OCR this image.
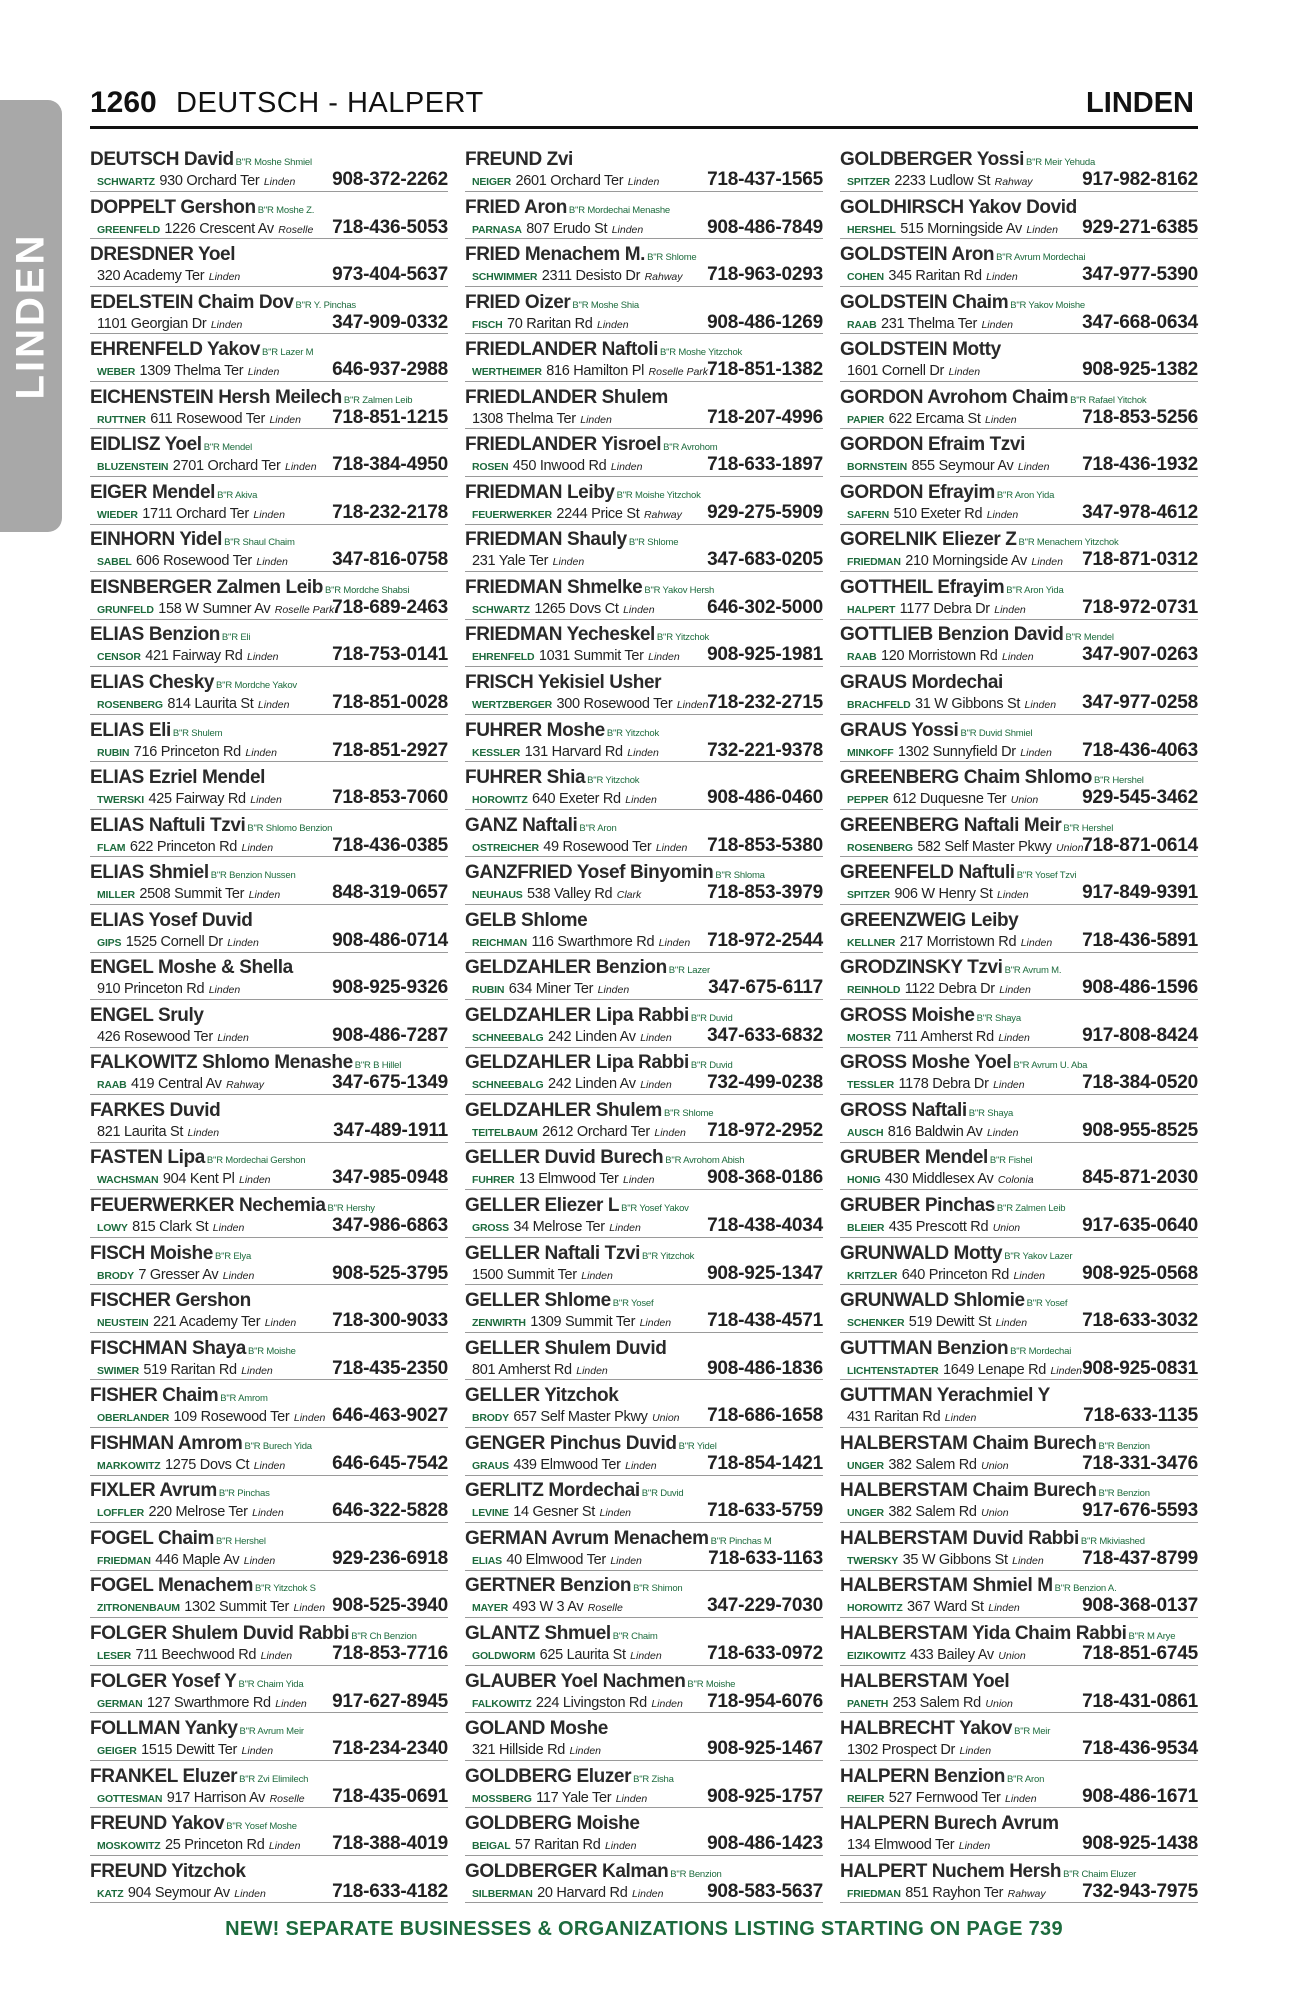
LINDEN
1260 DEUTSCH - HALPERT	LINDEN
DEUTSCH David B"R Moshe Shmiel
SCHWARTZ 930 Orchard Ter Linden	908-372-2262
DOPPELT Gershon B"R Moshe Z.
GREENFELD 1226 Crescent Av Roselle 718-436-5053
DRESDNER Yoel
320 Academy Ter Linden	973-404-5637
EDELSTEIN Chaim Dov B"R Y. Pinchas
1101 Georgian Dr Linden	347-909-0332
EHRENFELD Yakov B"R Lazer M
WEBER 1309 Thelma Ter Linden	646-937-2988
EICHENSTEIN Hersh Meilech B"R Zalmen Leib
RUTTNER 611 Rosewood Ter Linden	718-851-1215
EIDLISZ Yoel B"R Mendel
BLUZENSTEIN 2701 Orchard Ter Linden 718-384-4950
EIGER Mendel B"R Akiva
WIEDER 1711 Orchard Ter Linden	718-232-2178
EINHORN Yidel B"R Shaul Chaim
SABEL 606 Rosewood Ter Linden	347-816-0758
EISNBERGER Zalmen Leib B"R Mordche Shabsi
GRUNFELD 158 W Sumner Av Roselle Park
718-689-2463
ELIAS Benzion B"R Eli
CENSOR 421 Fairway Rd Linden	718-753-0141
ELIAS Chesky B"R Mordche Yakov
ROSENBERG 814 Laurita St Linden	718-851-0028
ELIAS Eli B"R Shulem
RUBIN 716 Princeton Rd Linden	718-851-2927
ELIAS Ezriel Mendel
TWERSKI 425 Fairway Rd Linden	718-853-7060
ELIAS Naftuli Tzvi B"R Shlomo Benzion
FLAM 622 Princeton Rd Linden	718-436-0385
ELIAS Shmiel B"R Benzion Nussen
MILLER 2508 Summit Ter Linden	848-319-0657
ELIAS Yosef Duvid
GIPS 1525 Cornell Dr Linden	908-486-0714
ENGEL Moshe & Shella
910 Princeton Rd Linden	908-925-9326
ENGEL Sruly
426 Rosewood Ter Linden	908-486-7287
FALKOWITZ Shlomo Menashe B"R B Hillel
RAAB 419 Central Av Rahway	347-675-1349
FARKES Duvid
821 Laurita St Linden	347-489-1911
FASTEN Lipa B"R Mordechai Gershon
WACHSMAN 904 Kent Pl Linden	347-985-0948
FEUERWERKER Nechemia B"R Hershy
LOWY 815 Clark St Linden	347-986-6863
FISCH Moishe B"R Elya
BRODY 7 Gresser Av Linden	908-525-3795
FISCHER Gershon
NEUSTEIN 221 Academy Ter Linden	718-300-9033
FISCHMAN Shaya B"R Moishe
SWIMER 519 Raritan Rd Linden	718-435-2350
FISHER Chaim B"R Amrom
OBERLANDER 109 Rosewood Ter Linden 646-463-9027
FISHMAN Amrom B"R Burech Yida
MARKOWITZ 1275 Dovs Ct Linden	646-645-7542
FIXLER Avrum B"R Pinchas
LOFFLER 220 Melrose Ter Linden	646-322-5828
FOGEL Chaim B"R Hershel
FRIEDMAN 446 Maple Av Linden	929-236-6918
FOGEL Menachem B"R Yitzchok S
ZITRONENBAUM 1302 Summit Ter Linden 908-525-3940
FOLGER Shulem Duvid Rabbi B"R Ch Benzion
LESER 711 Beechwood Rd Linden	718-853-7716
FOLGER Yosef Y B"R Chaim Yida
GERMAN 127 Swarthmore Rd Linden	917-627-8945
FOLLMAN Yanky B"R Avrum Meir
GEIGER 1515 Dewitt Ter Linden	718-234-2340
FRANKEL Eluzer B"R Zvi Elimilech
GOTTESMAN 917 Harrison Av Roselle	718-435-0691
FREUND Yakov B"R Yosef Moshe
MOSKOWITZ 25 Princeton Rd Linden	718-388-4019
FREUND Yitzchok
KATZ 904 Seymour Av Linden	718-633-4182
FREUND Zvi
NEIGER 2601 Orchard Ter Linden	718-437-1565
FRIED Aron B"R Mordechai Menashe
PARNASA 807 Erudo St Linden	908-486-7849
FRIED Menachem M. B"R Shlome
SCHWIMMER 2311 Desisto Dr Rahway	718-963-0293
FRIED Oizer B"R Moshe Shia
FISCH 70 Raritan Rd Linden	908-486-1269
FRIEDLANDER Naftoli B"R Moshe Yitzchok
WERTHEIMER 816 Hamilton Pl Roselle Park 718-851-1382
FRIEDLANDER Shulem
1308 Thelma Ter Linden	718-207-4996
FRIEDLANDER Yisroel B"R Avrohom
ROSEN 450 Inwood Rd Linden	718-633-1897
FRIEDMAN Leiby B"R Moishe Yitzchok
FEUERWERKER 2244 Price St Rahway	929-275-5909
FRIEDMAN Shauly B"R Shlome
231 Yale Ter Linden	347-683-0205
FRIEDMAN Shmelke B"R Yakov Hersh
SCHWARTZ 1265 Dovs Ct Linden	646-302-5000
FRIEDMAN Yecheskel B"R Yitzchok
EHRENFELD 1031 Summit Ter Linden	908-925-1981
FRISCH Yekisiel Usher
WERTZBERGER 300 Rosewood Ter Linden
718-232-2715
FUHRER Moshe B"R Yitzchok
KESSLER 131 Harvard Rd Linden	732-221-9378
FUHRER Shia B"R Yitzchok
HOROWITZ 640 Exeter Rd Linden	908-486-0460
GANZ Naftali B"R Aron
OSTREICHER 49 Rosewood Ter Linden	718-853-5380
GANZFRIED Yosef Binyomin B"R Shloma
NEUHAUS 538 Valley Rd Clark	718-853-3979
GELB Shlome
REICHMAN 116 Swarthmore Rd Linden 718-972-2544
GELDZAHLER Benzion B"R Lazer
RUBIN 634 Miner Ter Linden	347-675-6117
GELDZAHLER Lipa Rabbi B"R Duvid
SCHNEEBALG 242 Linden Av Linden	347-633-6832
GELDZAHLER Lipa Rabbi B"R Duvid
SCHNEEBALG 242 Linden Av Linden	732-499-0238
GELDZAHLER Shulem B"R Shlome
TEITELBAUM 2612 Orchard Ter Linden	718-972-2952
GELLER Duvid Burech B"R Avrohom Abish
FUHRER 13 Elmwood Ter Linden	908-368-0186
GELLER Eliezer L B"R Yosef Yakov
GROSS 34 Melrose Ter Linden	718-438-4034
GELLER Naftali Tzvi B"R Yitzchok
1500 Summit Ter Linden	908-925-1347
GELLER Shlome B"R Yosef
ZENWIRTH 1309 Summit Ter Linden	718-438-4571
GELLER Shulem Duvid
801 Amherst Rd Linden	908-486-1836
GELLER Yitzchok
BRODY 657 Self Master Pkwy Union	718-686-1658
GENGER Pinchus Duvid B"R Yidel
GRAUS 439 Elmwood Ter Linden	718-854-1421
GERLITZ Mordechai B"R Duvid
LEVINE 14 Gesner St Linden	718-633-5759
GERMAN Avrum Menachem B"R Pinchas M
ELIAS 40 Elmwood Ter Linden	718-633-1163
GERTNER Benzion B"R Shimon
MAYER 493 W 3 Av Roselle	347-229-7030
GLANTZ Shmuel B"R Chaim
GOLDWORM 625 Laurita St Linden	718-633-0972
GLAUBER Yoel Nachmen B"R Moishe
FALKOWITZ 224 Livingston Rd Linden	718-954-6076
GOLAND Moshe
321 Hillside Rd Linden	908-925-1467
GOLDBERG Eluzer B"R Zisha
MOSSBERG 117 Yale Ter Linden	908-925-1757
GOLDBERG Moishe
BEIGAL 57 Raritan Rd Linden	908-486-1423
GOLDBERGER Kalman B"R Benzion
SILBERMAN 20 Harvard Rd Linden	908-583-5637
GOLDBERGER Yossi B"R Meir Yehuda
SPITZER 2233 Ludlow St Rahway	917-982-8162
GOLDHIRSCH Yakov Dovid
HERSHEL 515 Morningside Av Linden	929-271-6385
GOLDSTEIN Aron B"R Avrum Mordechai
COHEN 345 Raritan Rd Linden	347-977-5390
GOLDSTEIN Chaim B"R Yakov Moishe
RAAB 231 Thelma Ter Linden	347-668-0634
GOLDSTEIN Motty
1601 Cornell Dr Linden	908-925-1382
GORDON Avrohom Chaim B"R Rafael Yitchok
PAPIER 622 Ercama St Linden	718-853-5256
GORDON Efraim Tzvi
BORNSTEIN 855 Seymour Av Linden	718-436-1932
GORDON Efrayim B"R Aron Yida
SAFERN 510 Exeter Rd Linden	347-978-4612
GORELNIK Eliezer Z B"R Menachem Yitzchok
FRIEDMAN 210 Morningside Av Linden	718-871-0312
GOTTHEIL Efrayim B"R Aron Yida
HALPERT 1177 Debra Dr Linden	718-972-0731
GOTTLIEB Benzion David B"R Mendel
RAAB 120 Morristown Rd Linden	347-907-0263
GRAUS Mordechai
BRACHFELD 31 W Gibbons St Linden	347-977-0258
GRAUS Yossi B"R Duvid Shmiel
MINKOFF 1302 Sunnyfield Dr Linden	718-436-4063
GREENBERG Chaim Shlomo B"R Hershel
PEPPER 612 Duquesne Ter Union	929-545-3462
GREENBERG Naftali Meir B"R Hershel
ROSENBERG 582 Self Master Pkwy Union
718-871-0614
GREENFELD Naftuli B"R Yosef Tzvi
SPITZER 906 W Henry St Linden	917-849-9391
GREENZWEIG Leiby
KELLNER 217 Morristown Rd Linden	718-436-5891
GRODZINSKY Tzvi B"R Avrum M.
REINHOLD 1122 Debra Dr Linden	908-486-1596
GROSS Moishe B"R Shaya
MOSTER 711 Amherst Rd Linden	917-808-8424
GROSS Moshe Yoel B"R Avrum U. Aba
TESSLER 1178 Debra Dr Linden	718-384-0520
GROSS Naftali B"R Shaya
AUSCH 816 Baldwin Av Linden	908-955-8525
GRUBER Mendel B"R Fishel
HONIG 430 Middlesex Av Colonia	845-871-2030
GRUBER Pinchas B"R Zalmen Leib
BLEIER 435 Prescott Rd Union	917-635-0640
GRUNWALD Motty B"R Yakov Lazer
KRITZLER 640 Princeton Rd Linden	908-925-0568
GRUNWALD Shlomie B"R Yosef
SCHENKER 519 Dewitt St Linden	718-633-3032
GUTTMAN Benzion B"R Mordechai
LICHTENSTADTER 1649 Lenape Rd Linden 908-925-0831
GUTTMAN Yerachmiel Y
431 Raritan Rd Linden	718-633-1135
HALBERSTAM Chaim Burech B"R Benzion
UNGER 382 Salem Rd Union	718-331-3476
HALBERSTAM Chaim Burech B"R Benzion
UNGER 382 Salem Rd Union	917-676-5593
HALBERSTAM Duvid Rabbi B"R Mkiviashed
TWERSKY 35 W Gibbons St Linden	718-437-8799
HALBERSTAM Shmiel M B"R Benzion A.
HOROWITZ 367 Ward St Linden	908-368-0137
HALBERSTAM Yida Chaim Rabbi B"R M Arye
EIZIKOWITZ 433 Bailey Av Union	718-851-6745
HALBERSTAM Yoel
PANETH 253 Salem Rd Union	718-431-0861
HALBRECHT Yakov B"R Meir
1302 Prospect Dr Linden	718-436-9534
HALPERN Benzion B"R Aron
REIFER 527 Fernwood Ter Linden	908-486-1671
HALPERN Burech Avrum
134 Elmwood Ter Linden	908-925-1438
HALPERT Nuchem Hersh B"R Chaim Eluzer
FRIEDMAN 851 Rayhon Ter Rahway	732-943-7975
NEW! SEPARATE BUSINESSES & ORGANIZATIONS LISTING STARTING ON PAGE 739
